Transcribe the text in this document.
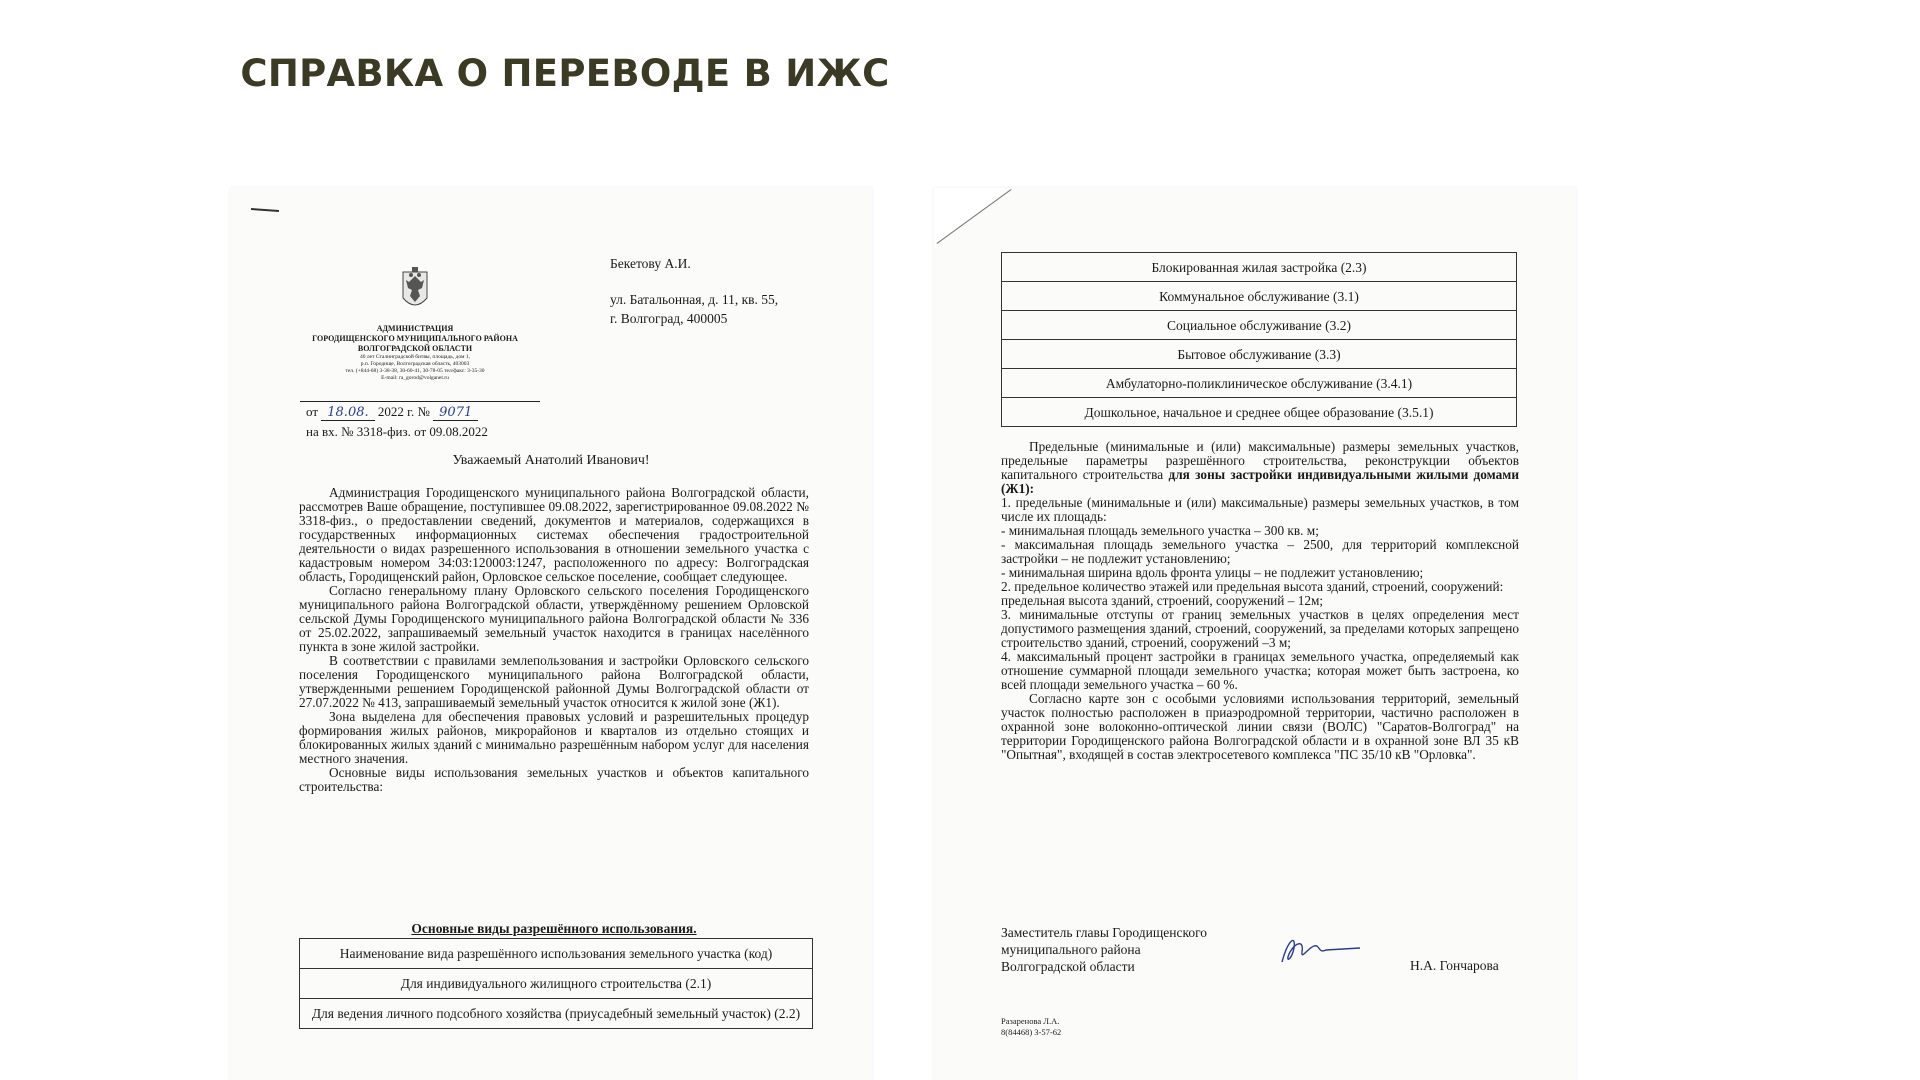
СПРАВКА О ПЕРЕВОДЕ В ИЖС
АДМИНИСТРАЦИЯ
ГОРОДИЩЕНСКОГО МУНИЦИПАЛЬНОГО РАЙОНА
ВОЛГОГРАДСКОЙ ОБЛАСТИ
40 лет Сталинградской битвы, площадь, дом 1,
р.п. Городище, Волгоградская область, 403003
тел. (+844-68) 3-38-38, 30-60-41, 30-78-05 тел/факс: 3-35-30
E-mail: ra_gorod@volganet.ru
от 18.08. 2022 г. № 9071
на вх. № 3318-физ. от 09.08.2022
Бекетову А.И.
ул. Батальонная, д. 11, кв. 55,
г. Волгоград, 400005
Уважаемый Анатолий Иванович!

Администрация Городищенского муниципального района Волгоградской области, рассмотрев Ваше обращение, поступившее 09.08.2022, зарегистрированное 09.08.2022 № 3318-физ., о предоставлении сведений, документов и материалов, содержащихся в государственных информационных системах обеспечения градостроительной деятельности о видах разрешенного использования в отношении земельного участка с кадастровым номером 34:03:120003:1247, расположенного по адресу: Волгоградская область, Городищенский район, Орловское сельское поселение, сообщает следующее.

Согласно генеральному плану Орловского сельского поселения Городищенского муниципального района Волгоградской области, утверждённому решением Орловской сельской Думы Городищенского муниципального района Волгоградской области № 336 от 25.02.2022, запрашиваемый земельный участок находится в границах населённого пункта в зоне жилой застройки.

В соответствии с правилами землепользования и застройки Орловского сельского поселения Городищенского муниципального района Волгоградской области, утвержденными решением Городищенской районной Думы Волгоградской области от 27.07.2022 № 413, запрашиваемый земельный участок относится к жилой зоне (Ж1).

Зона выделена для обеспечения правовых условий и разрешительных процедур формирования жилых районов, микрорайонов и кварталов из отдельно стоящих и блокированных жилых зданий с минимально разрешённым набором услуг для населения местного значения.

Основные виды использования земельных участков и объектов капитального строительства:

Основные виды разрешённого использования.
Наименование вида разрешённого использования земельного участка (код)
Для индивидуального жилищного строительства (2.1)
Для ведения личного подсобного хозяйства (приусадебный земельный участок) (2.2)
Блокированная жилая застройка (2.3)
Коммунальное обслуживание (3.1)
Социальное обслуживание (3.2)
Бытовое обслуживание (3.3)
Амбулаторно-поликлиническое обслуживание (3.4.1)
Дошкольное, начальное и среднее общее образование (3.5.1)

Предельные (минимальные и (или) максимальные) размеры земельных участков, предельные параметры разрешённого строительства, реконструкции объектов капитального строительства для зоны застройки индивидуальными жилыми домами (Ж1):

1. предельные (минимальные и (или) максимальные) размеры земельных участков, в том числе их площадь:

- минимальная площадь земельного участка – 300 кв. м;

- максимальная площадь земельного участка – 2500, для территорий комплексной застройки – не подлежит установлению;

- минимальная ширина вдоль фронта улицы – не подлежит установлению;

2. предельное количество этажей или предельная высота зданий, строений, сооружений:

предельная высота зданий, строений, сооружений – 12м;

3. минимальные отступы от границ земельных участков в целях определения мест допустимого размещения зданий, строений, сооружений, за пределами которых запрещено строительство зданий, строений, сооружений –3 м;

4. максимальный процент застройки в границах земельного участка, определяемый как отношение суммарной площади земельного участка; которая может быть застроена, ко всей площади земельного участка – 60 %.

Согласно карте зон с особыми условиями использования территорий, земельный участок полностью расположен в приаэродромной территории, частично расположен в охранной зоне волоконно-оптической линии связи (ВОЛС) "Саратов-Волгоград" на территории Городищенского района Волгоградской области и в охранной зоне ВЛ 35 кВ "Опытная", входящей в состав электросетевого комплекса "ПС 35/10 кВ "Орловка".

Заместитель главы Городищенского
муниципального района
Волгоградской области	Н.А. Гончарова
Разаренова Л.А.
8(84468) 3-57-62
